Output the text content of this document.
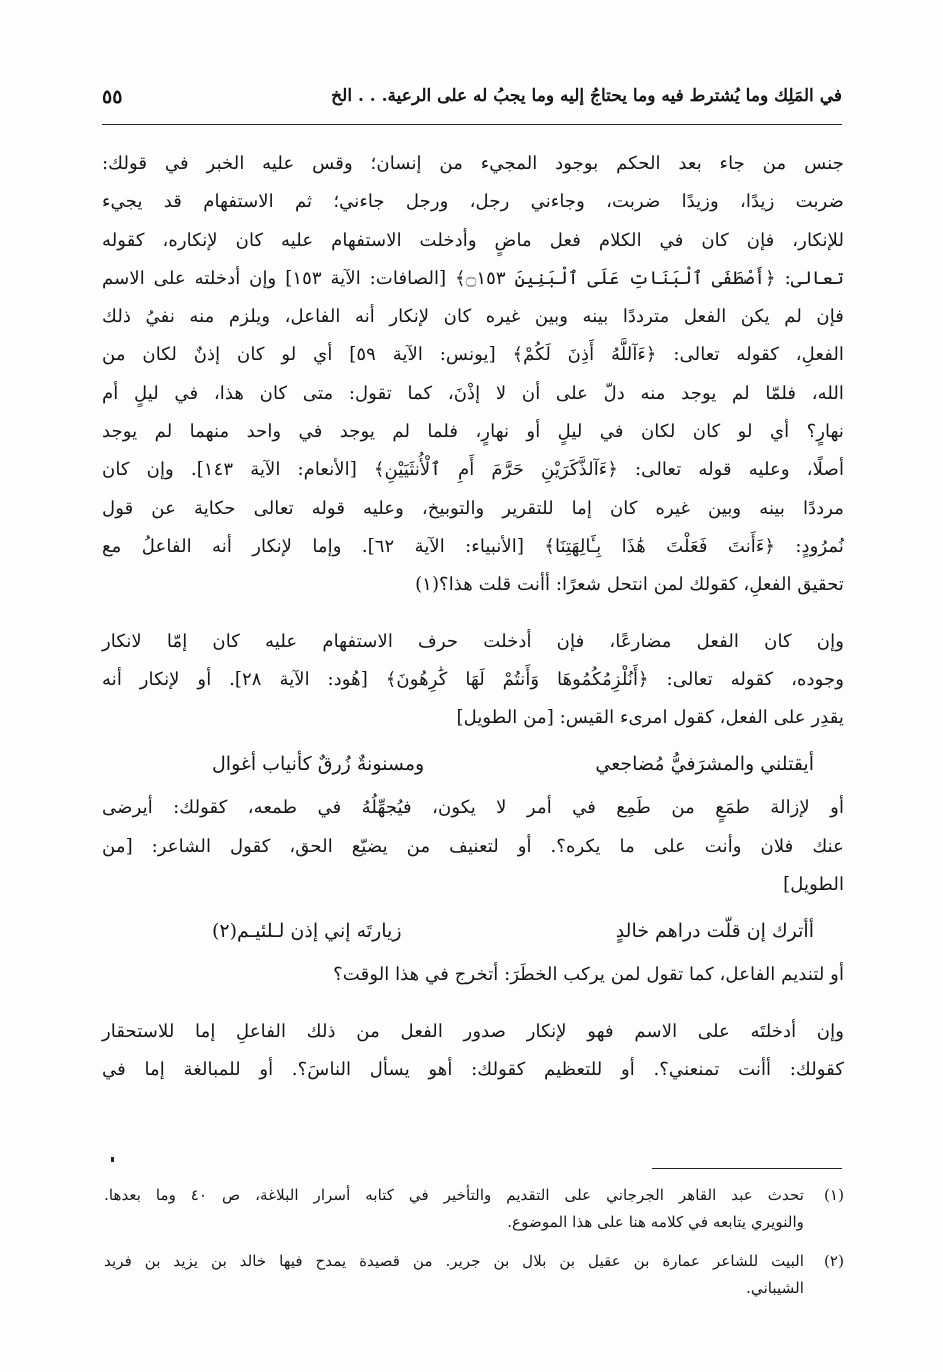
في المَلِك وما يُشترط فيه وما يحتاجُ إليه وما يجبُ له على الرعية. . . الخ
٥٥
جنس من جاء بعد الحكم بوجود المجيء من إنسان؛ وقس عليه الخبر في قولك:
ضربت زيدًا، وزيدًا ضربت، وجاءني رجل، ورجل جاءني؛ ثم الاستفهام قد يجيء
للإنكار، فإن كان في الكلام فعل ماضٍ وأدخلت الاستفهام عليه كان لإنكاره، كقوله
تعالى: ﴿أَصْطَفَى ٱلْبَنَاتِ عَلَى ٱلْبَنِينَ ۝١٥٣﴾ [الصافات: الآية ١٥٣] وإن أدخلته على الاسم
فإن لم يكن الفعل مترددًا بينه وبين غيره كان لإنكار أنه الفاعل، ويلزم منه نفيُ ذلك
الفعلِ، كقوله تعالى: ﴿ءَآللَّهُ أَذِنَ لَكُمْ﴾ [يونس: الآية ٥٩] أي لو كان إذنٌ لكان من
الله، فلمّا لم يوجد منه دلّ على أن لا إذْنَ، كما تقول: متى كان هذا، في ليلٍ أم
نهارٍ؟ أي لو كان لكان في ليلٍ أو نهارٍ، فلما لم يوجد في واحد منهما لم يوجد
أصلًا، وعليه قوله تعالى: ﴿ءَآلذَّكَرَيْنِ حَرَّمَ أَمِ ٱلْأُنثَيَيْنِ﴾ [الأنعام: الآية ١٤٣]. وإن كان
مرددًا بينه وبين غيره كان إما للتقرير والتوبيخ، وعليه قوله تعالى حكاية عن قول
نُمرُودٍ: ﴿ءَأَنتَ فَعَلْتَ هَٰذَا بِـَٔالِهَتِنَا﴾ [الأنبياء: الآية ٦٢]. وإما لإنكار أنه الفاعلُ مع
تحقيق الفعلِ، كقولك لمن انتحل شعرًا: أأنت قلت هذا؟(١)
وإن كان الفعل مضارعًا، فإن أدخلت حرف الاستفهام عليه كان إمّا لانكار
وجوده، كقوله تعالى: ﴿أَنُلْزِمُكُمُوهَا وَأَنتُمْ لَهَا كَٰرِهُونَ﴾ [هُود: الآية ٢٨]. أو لإنكار أنه
يقدِر على الفعل، كقول امرىء القيس: [من الطويل]
أيقتلني والمشرَفيُّ مُضاجعي
ومسنونةٌ زُرقٌ كأنياب أغوال
أو لإزالة طمَعٍ من طَمِع في أمر لا يكون، فيُجهِّلُهُ في طمعه، كقولك: أيرضى
عنك فلان وأنت على ما يكره؟. أو لتعنيف من يضيّع الحق، كقول الشاعر: [من
الطويل]
أأترك إن قلّت دراهم خالدٍ
زيارتَه إني إذن لـلئيـم(٢)
أو لتنديم الفاعل، كما تقول لمن يركب الخطَرَ: أتخرج في هذا الوقت؟
وإن أدخلتَه على الاسم فهو لإنكار صدور الفعل من ذلك الفاعلِ إما للاستحقار
كقولك: أأنت تمنعني؟. أو للتعظيم كقولك: أهو يسأل الناسَ؟. أو للمبالغة إما في
(١)
تحدث عبد القاهر الجرجاني على التقديم والتأخير في كتابه أسرار البلاغة، ص ٤٠ وما بعدها.
والنويري يتابعه في كلامه هنا على هذا الموضوع.
(٢)
البيت للشاعر عمارة بن عقيل بن بلال بن جرير. من قصيدة يمدح فيها خالد بن يزيد بن فريد
الشيباني.
